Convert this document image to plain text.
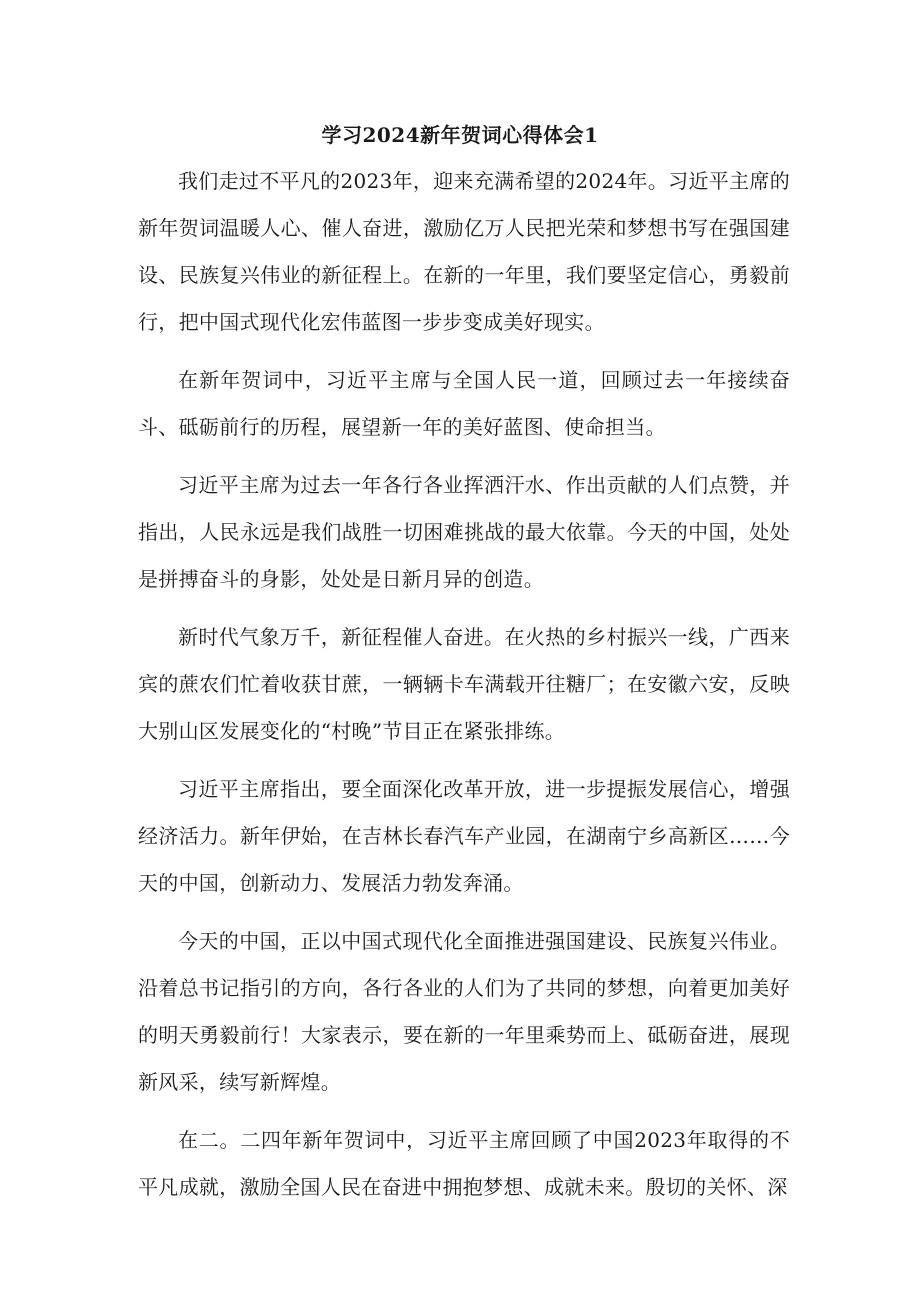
学习2024新年贺词心得体会1

我们走过不平凡的2023年，迎来充满希望的2024年。习近平主席的新年贺词温暖人心、催人奋进，激励亿万人民把光荣和梦想书写在强国建设、民族复兴伟业的新征程上。在新的一年里，我们要坚定信心，勇毅前行，把中国式现代化宏伟蓝图一步步变成美好现实。

在新年贺词中，习近平主席与全国人民一道，回顾过去一年接续奋斗、砥砺前行的历程，展望新一年的美好蓝图、使命担当。

习近平主席为过去一年各行各业挥洒汗水、作出贡献的人们点赞，并指出，人民永远是我们战胜一切困难挑战的最大依靠。今天的中国，处处是拼搏奋斗的身影，处处是日新月异的创造。

新时代气象万千，新征程催人奋进。在火热的乡村振兴一线，广西来宾的蔗农们忙着收获甘蔗，一辆辆卡车满载开往糖厂；在安徽六安，反映大别山区发展变化的“村晚”节目正在紧张排练。

习近平主席指出，要全面深化改革开放，进一步提振发展信心，增强经济活力。新年伊始，在吉林长春汽车产业园，在湖南宁乡高新区……今天的中国，创新动力、发展活力勃发奔涌。

今天的中国，正以中国式现代化全面推进强国建设、民族复兴伟业。沿着总书记指引的方向，各行各业的人们为了共同的梦想，向着更加美好的明天勇毅前行！大家表示，要在新的一年里乘势而上、砥砺奋进，展现新风采，续写新辉煌。

在二。二四年新年贺词中，习近平主席回顾了中国2023年取得的不平凡成就，激励全国人民在奋进中拥抱梦想、成就未来。殷切的关怀、深
